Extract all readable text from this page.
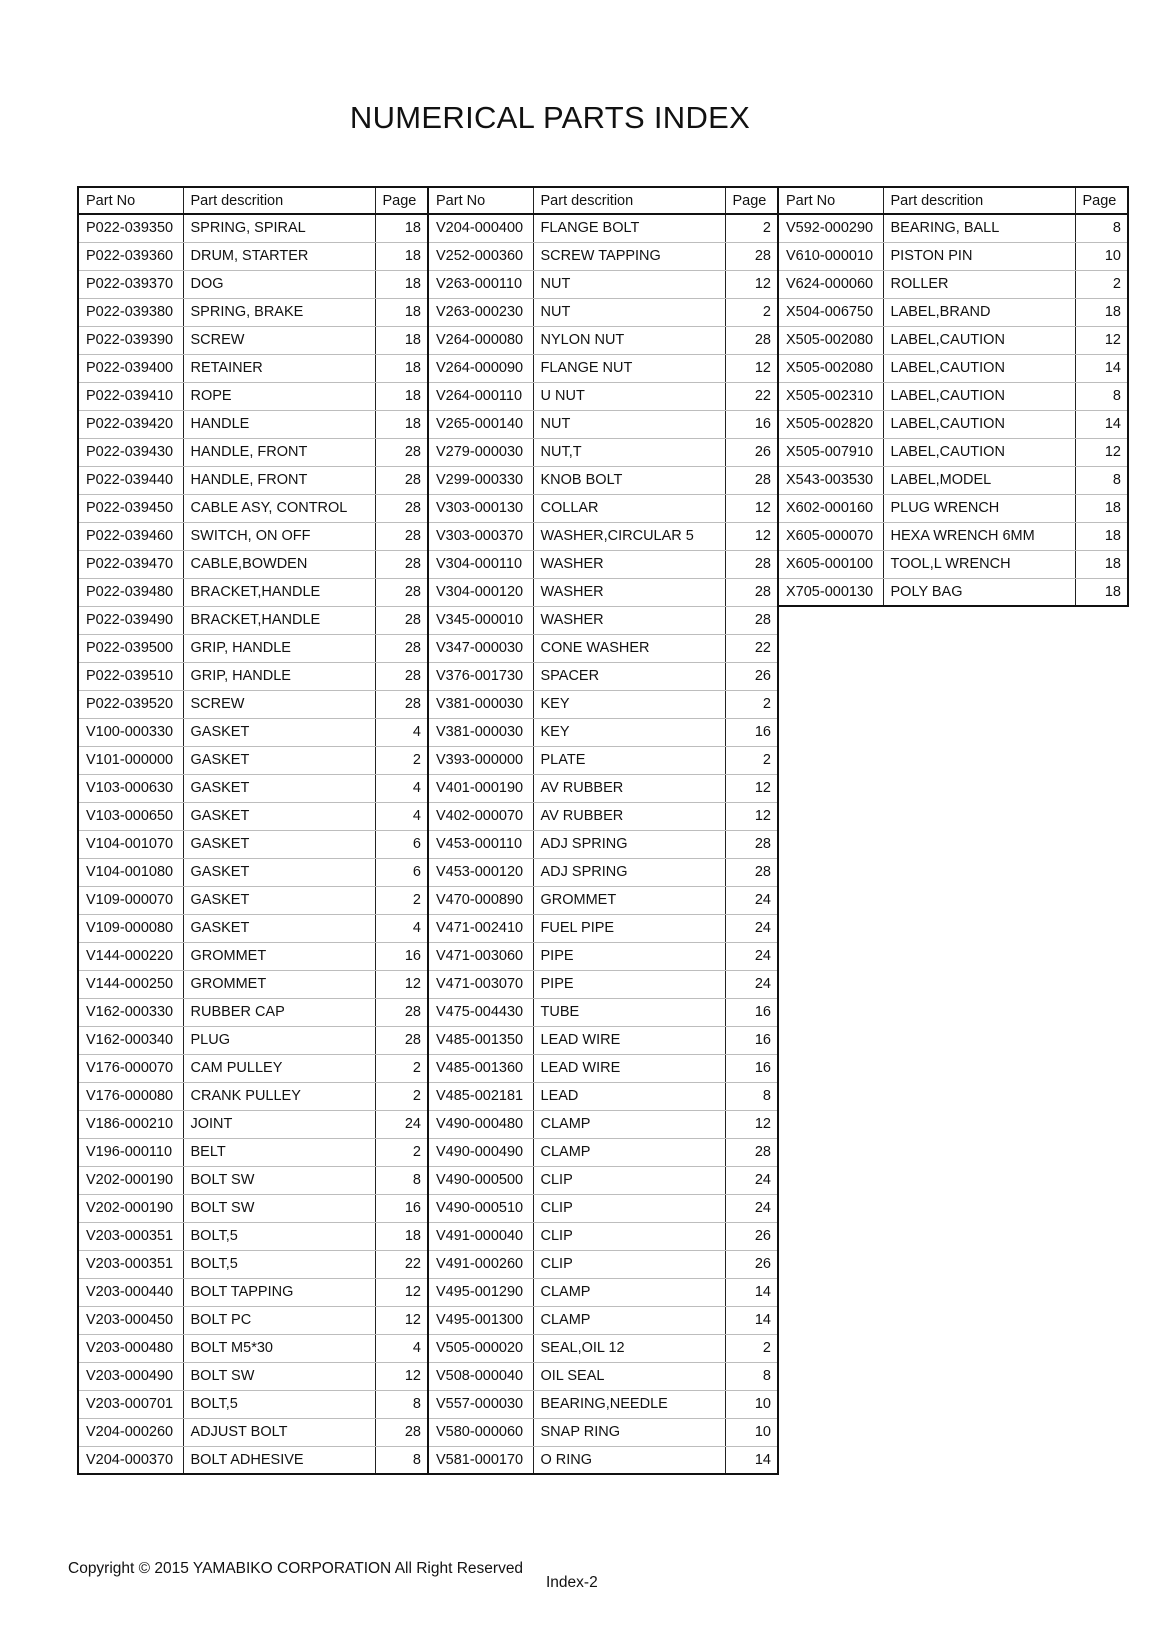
NUMERICAL PARTS INDEX
Part No	Part descrition	Page
P022-039350	SPRING, SPIRAL	18
P022-039360	DRUM, STARTER	18
P022-039370	DOG	18
P022-039380	SPRING, BRAKE	18
P022-039390	SCREW	18
P022-039400	RETAINER	18
P022-039410	ROPE	18
P022-039420	HANDLE	18
P022-039430	HANDLE, FRONT	28
P022-039440	HANDLE, FRONT	28
P022-039450	CABLE ASY, CONTROL	28
P022-039460	SWITCH, ON OFF	28
P022-039470	CABLE,BOWDEN	28
P022-039480	BRACKET,HANDLE	28
P022-039490	BRACKET,HANDLE	28
P022-039500	GRIP, HANDLE	28
P022-039510	GRIP, HANDLE	28
P022-039520	SCREW	28
V100-000330	GASKET	4
V101-000000	GASKET	2
V103-000630	GASKET	4
V103-000650	GASKET	4
V104-001070	GASKET	6
V104-001080	GASKET	6
V109-000070	GASKET	2
V109-000080	GASKET	4
V144-000220	GROMMET	16
V144-000250	GROMMET	12
V162-000330	RUBBER CAP	28
V162-000340	PLUG	28
V176-000070	CAM PULLEY	2
V176-000080	CRANK PULLEY	2
V186-000210	JOINT	24
V196-000110	BELT	2
V202-000190	BOLT SW	8
V202-000190	BOLT SW	16
V203-000351	BOLT,5	18
V203-000351	BOLT,5	22
V203-000440	BOLT TAPPING	12
V203-000450	BOLT PC	12
V203-000480	BOLT M5*30	4
V203-000490	BOLT SW	12
V203-000701	BOLT,5	8
V204-000260	ADJUST BOLT	28
V204-000370	BOLT ADHESIVE	8
Part No	Part descrition	Page
V204-000400	FLANGE BOLT	2
V252-000360	SCREW TAPPING	28
V263-000110	NUT	12
V263-000230	NUT	2
V264-000080	NYLON NUT	28
V264-000090	FLANGE NUT	12
V264-000110	U NUT	22
V265-000140	NUT	16
V279-000030	NUT,T	26
V299-000330	KNOB BOLT	28
V303-000130	COLLAR	12
V303-000370	WASHER,CIRCULAR 5	12
V304-000110	WASHER	28
V304-000120	WASHER	28
V345-000010	WASHER	28
V347-000030	CONE WASHER	22
V376-001730	SPACER	26
V381-000030	KEY	2
V381-000030	KEY	16
V393-000000	PLATE	2
V401-000190	AV RUBBER	12
V402-000070	AV RUBBER	12
V453-000110	ADJ SPRING	28
V453-000120	ADJ SPRING	28
V470-000890	GROMMET	24
V471-002410	FUEL PIPE	24
V471-003060	PIPE	24
V471-003070	PIPE	24
V475-004430	TUBE	16
V485-001350	LEAD WIRE	16
V485-001360	LEAD WIRE	16
V485-002181	LEAD	8
V490-000480	CLAMP	12
V490-000490	CLAMP	28
V490-000500	CLIP	24
V490-000510	CLIP	24
V491-000040	CLIP	26
V491-000260	CLIP	26
V495-001290	CLAMP	14
V495-001300	CLAMP	14
V505-000020	SEAL,OIL 12	2
V508-000040	OIL SEAL	8
V557-000030	BEARING,NEEDLE	10
V580-000060	SNAP RING	10
V581-000170	O RING	14
Part No	Part descrition	Page
V592-000290	BEARING, BALL	8
V610-000010	PISTON PIN	10
V624-000060	ROLLER	2
X504-006750	LABEL,BRAND	18
X505-002080	LABEL,CAUTION	12
X505-002080	LABEL,CAUTION	14
X505-002310	LABEL,CAUTION	8
X505-002820	LABEL,CAUTION	14
X505-007910	LABEL,CAUTION	12
X543-003530	LABEL,MODEL	8
X602-000160	PLUG WRENCH	18
X605-000070	HEXA WRENCH 6MM	18
X605-000100	TOOL,L WRENCH	18
X705-000130	POLY BAG	18
Copyright © 2015 YAMABIKO CORPORATION All Right Reserved
Index-2
